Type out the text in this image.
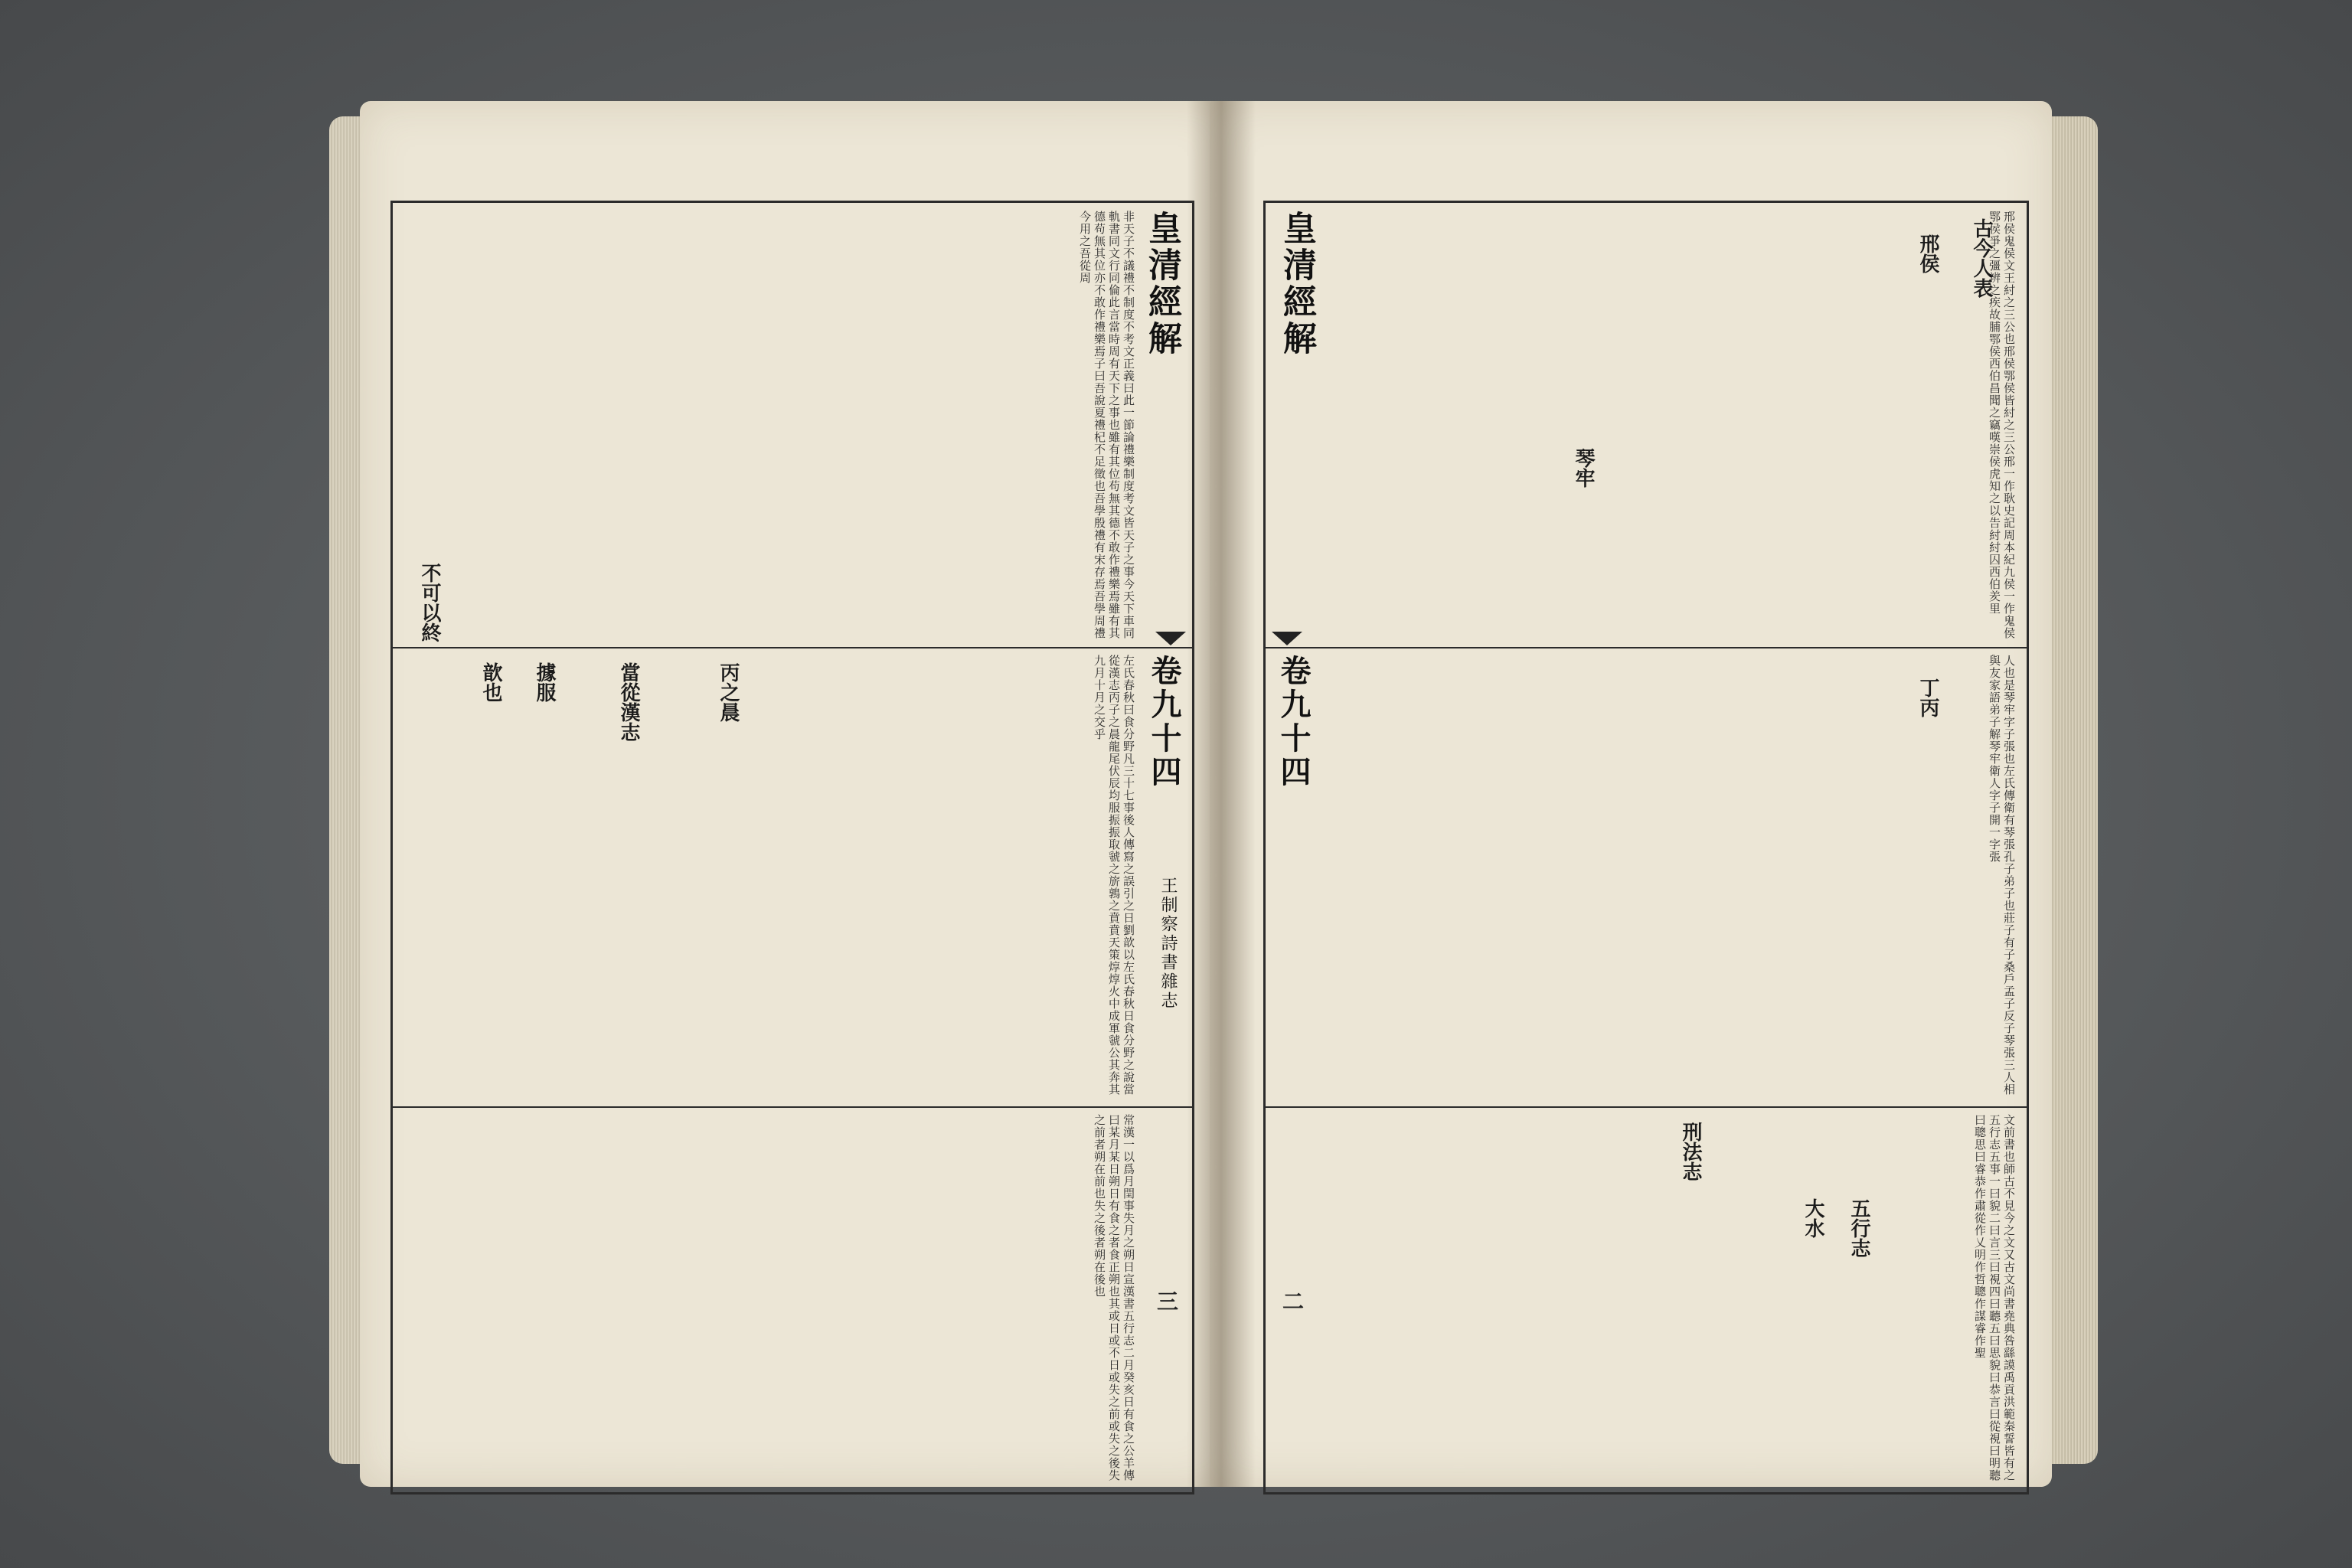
皇清經解
卷九十四
王制察詩書雜志
三
非天子不議禮不制度不考文正義曰此一節論禮樂制度考文皆天子之事今天下車同軌書同文行同倫此言當時周有天下之事也雖有其位苟無其德不敢作禮樂焉雖有其德苟無其位亦不敢作禮樂焉子曰吾說夏禮杞不足徵也吾學殷禮有宋存焉吾學周禮今用之吾從周
左氏春秋曰食分野凡三十七事後人傳寫之誤引之日劉歆以左氏春秋日食分野之說當從漢志丙子之晨龍尾伏辰均服振振取虢之旂鶉之賁賁天策焞焞火中成軍虢公其奔其九月十月之交乎
常漢一以爲月閏事失月之朔日宣漢書五行志二月癸亥日有食之公羊傳曰某月某日朔日有食之者食正朔也其或日或不日或失之前或失之後失之前者朔在前也失之後者朔在後也
不可以終
丙之晨
當從漢志
據服
歆也
皇清經解
卷九十四
二
邢侯鬼侯文王紂之三公也邢侯鄂侯皆紂之三公邢一作耿史記周本紀九侯一作鬼侯鄂侯爭之彊辨之疾故脯鄂侯西伯昌聞之竊嘆崇侯虎知之以告紂紂囚西伯羑里
人也是琴牢字子張也左氏傳衛有琴張孔子弟子也莊子有子桑戶孟子反子琴張三人相與友家語弟子解琴牢衛人字子開一字張
文前書也師古不見今之文又古文尚書堯典咎繇謨禹貢洪範秦誓皆有之五行志五事一曰貌二曰言三曰視四曰聽五曰思貌曰恭言曰從視曰明聽曰聰思曰睿恭作肅從作乂明作哲聰作謀睿作聖
古今人表
邢侯
丁丙
琴牢
刑法志
五行志
大水
